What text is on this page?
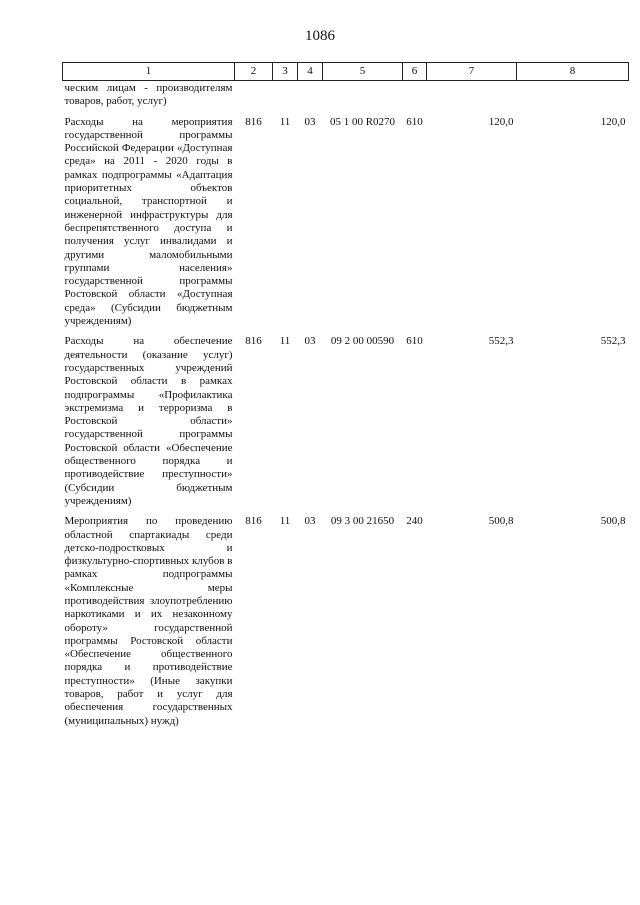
1086
1	2	3	4	5	6	7	8
ческим лицам - производителям товаров, работ, услуг)							
Расходы на мероприятия государственной программы Российской Федерации «Доступная среда» на 2011 - 2020 годы в рамках подпрограммы «Адаптация приоритетных объектов социальной, транспортной и инженерной инфраструктуры для беспрепятственного доступа и получения услуг инвалидами и другими маломобильными группами населения» государственной программы Ростовской области «Доступная среда» (Субсидии бюджетным учреждениям)	816	11	03	05 1 00 R0270	610	120,0	120,0
Расходы на обеспечение деятельности (оказание услуг) государственных учреждений Ростовской области в рамках подпрограммы «Профилактика экстремизма и терроризма в Ростовской области» государственной программы Ростовской области «Обеспечение общественного порядка и противодействие преступности» (Субсидии бюджетным учреждениям)	816	11	03	09 2 00 00590	610	552,3	552,3
Мероприятия по проведению областной спартакиады среди детско-подростковых и физкультурно-спортивных клубов в рамках подпрограммы «Комплексные меры противодействия злоупотреблению наркотиками и их незаконному обороту» государственной программы Ростовской области «Обеспечение общественного порядка и противодействие преступности» (Иные закупки товаров, работ и услуг для обеспечения государственных (муниципальных) нужд)	816	11	03	09 3 00 21650	240	500,8	500,8
